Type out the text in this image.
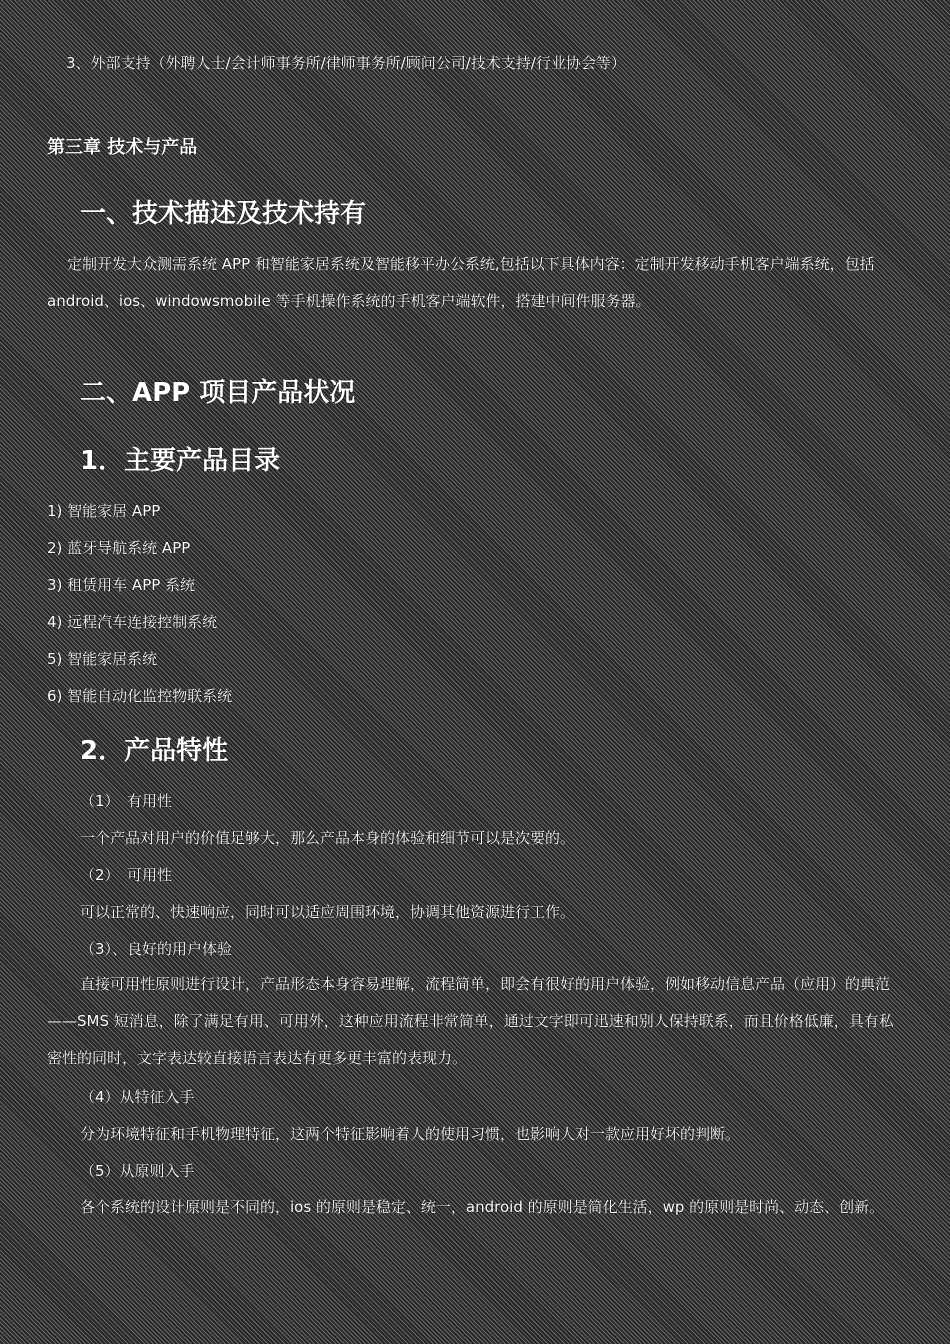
3、外部支持（外聘人士/会计师事务所/律师事务所/顾问公司/技术支持/行业协会等）

第三章 技术与产品

一、技术描述及技术持有

定制开发大众测需系统 APP 和智能家居系统及智能移平办公系统,包括以下具体内容：定制开发移动手机客户端系统，包括 android、ios、windowsmobile 等手机操作系统的手机客户端软件，搭建中间件服务器。

二、APP 项目产品状况
1．主要产品目录

1) 智能家居 APP

2) 蓝牙导航系统 APP

3) 租赁用车 APP 系统

4) 远程汽车连接控制系统

5) 智能家居系统

6) 智能自动化监控物联系统

2．产品特性

（1）　有用性

一个产品对用户的价值足够大，那么产品本身的体验和细节可以是次要的。

（2）　可用性

可以正常的、快速响应，同时可以适应周围环境，协调其他资源进行工作。

（3）、良好的用户体验

直接可用性原则进行设计，产品形态本身容易理解，流程简单，即会有很好的用户体验，例如移动信息产品（应用）的典范——SMS 短消息，除了满足有用、可用外，这种应用流程非常简单，通过文字即可迅速和别人保持联系，而且价格低廉，具有私密性的同时，文字表达较直接语言表达有更多更丰富的表现力。

（4）从特征入手

分为环境特征和手机物理特征，这两个特征影响着人的使用习惯，也影响人对一款应用好坏的判断。

（5）从原则入手

各个系统的设计原则是不同的，ios 的原则是稳定、统一，android 的原则是简化生活，wp 的原则是时尚、动态、创新。
